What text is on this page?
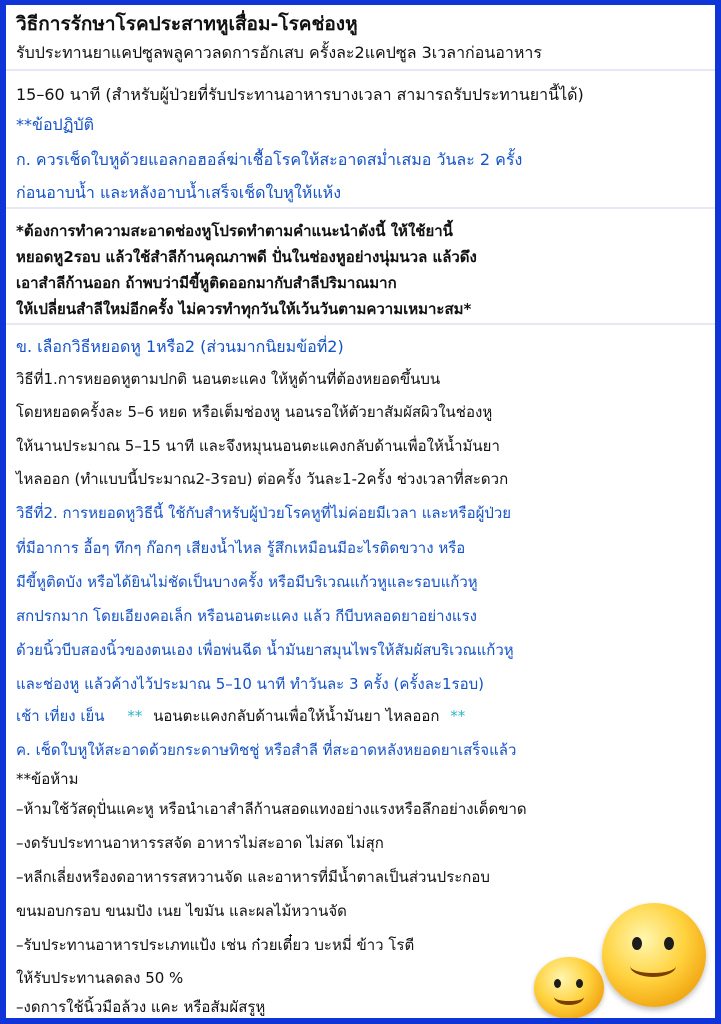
วิธีการรักษาโรคประสาทหูเสื่อม-โรคช่องหู
รับประทานยาแคปซูลพลูคาวลดการอักเสบ ครั้งละ2แคปซูล 3เวลาก่อนอาหาร
15–60 นาที (สำหรับผู้ป่วยที่รับประทานอาหารบางเวลา สามารถรับประทานยานี้ได้)
**ข้อปฏิบัติ
ก. ควรเช็ดใบหูด้วยแอลกอฮอล์ฆ่าเชื้อโรคให้สะอาดสม่ำเสมอ วันละ 2 ครั้ง
ก่อนอาบน้ำ และหลังอาบน้ำเสร็จเช็ดใบหูให้แห้ง
*ต้องการทำความสะอาดช่องหูโปรดทำตามคำแนะนำดังนี้ ให้ใช้ยานี้
หยอดหู2รอบ แล้วใช้สำลีก้านคุณภาพดี ปั่นในช่องหูอย่างนุ่มนวล แล้วดึง
เอาสำลีก้านออก ถ้าพบว่ามีขี้หูติดออกมากับสำลีปริมาณมาก
ให้เปลี่ยนสำลีใหม่อีกครั้ง ไม่ควรทำทุกวันให้เว้นวันตามความเหมาะสม*
ข. เลือกวิธีหยอดหู 1หรือ2 (ส่วนมากนิยมข้อที่2)
วิธีที่1.การหยอดหูตามปกติ นอนตะแคง ให้หูด้านที่ต้องหยอดขึ้นบน
โดยหยอดครั้งละ 5–6 หยด หรือเต็มช่องหู นอนรอให้ตัวยาสัมผัสผิวในช่องหู
ให้นานประมาณ 5–15 นาที และจึงหมุนนอนตะแคงกลับด้านเพื่อให้น้ำมันยา
ไหลออก (ทำแบบนี้ประมาณ2-3รอบ) ต่อครั้ง วันละ1-2ครั้ง ช่วงเวลาที่สะดวก
วิธีที่2. การหยอดหูวิธีนี้ ใช้กับสำหรับผู้ป่วยโรคหูที่ไม่ค่อยมีเวลา และหรือผู้ป่วย
ที่มีอาการ อื้อๆ ทึกๆ ก๊อกๆ เสียงน้ำไหล รู้สึกเหมือนมีอะไรติดขวาง หรือ
มีขี้หูติดบัง หรือได้ยินไม่ชัดเป็นบางครั้ง หรือมีบริเวณแก้วหูและรอบแก้วหู
สกปรกมาก โดยเอียงคอเล็ก หรือนอนตะแคง แล้ว กีบีบหลอดยาอย่างแรง
ด้วยนิ้วบีบสองนิ้วของตนเอง เพื่อพ่นฉีด น้ำมันยาสมุนไพรให้สัมผัสบริเวณแก้วหู
และช่องหู แล้วค้างไว้ประมาณ 5–10 นาที ทำวันละ 3 ครั้ง (ครั้งละ1รอบ)
เช้า เที่ยง เย็น ** นอนตะแคงกลับด้านเพื่อให้น้ำมันยา ไหลออก **
ค. เช็ดใบหูให้สะอาดด้วยกระดาษทิชชู่ หรือสำลี ที่สะอาดหลังหยอดยาเสร็จแล้ว
**ข้อห้าม
–ห้ามใช้วัสดุปั่นแคะหู หรือนำเอาสำลีก้านสอดแทงอย่างแรงหรือลึกอย่างเด็ดขาด
–งดรับประทานอาหารรสจัด อาหารไม่สะอาด ไม่สด ไม่สุก
–หลีกเลี่ยงหรืองดอาหารรสหวานจัด และอาหารที่มีน้ำตาลเป็นส่วนประกอบ
ขนมอบกรอบ ขนมปัง เนย ไขมัน และผลไม้หวานจัด
–รับประทานอาหารประเภทแป้ง เช่น ก๋วยเตี๋ยว บะหมี่ ข้าว โรตี
ให้รับประทานลดลง 50 %
–งดการใช้นิ้วมือล้วง แคะ หรือสัมผัสรูหู
